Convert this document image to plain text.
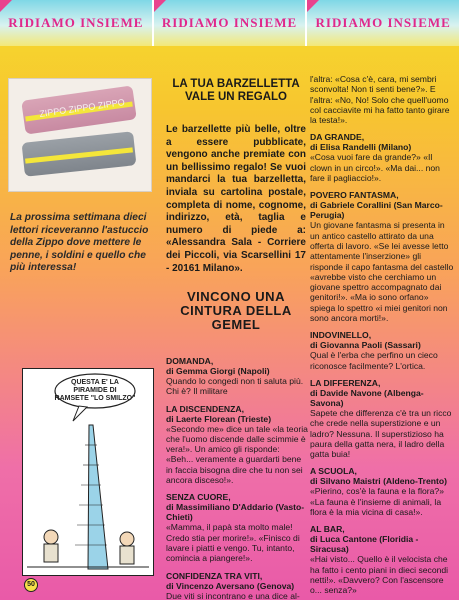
RIDIAMO INSIEME RIDIAMO INSIEME RIDIAMO INSIEME
ZIPPO ZIPPO ZIPPO
La prossima settimana dieci lettori riceveranno l'astuccio della Zippo dove mettere le penne, i soldini e quello che più interessa!
LA TUA BARZELLETTA VALE UN REGALO
Le barzellette più belle, oltre a essere pubblicate, vengono anche premiate con un bellissimo regalo! Se vuoi mandarci la tua barzelletta, inviala su cartolina postale, completa di nome, cognome, indirizzo, età, taglia e numero di piede a: «Alessandra Sala - Corriere dei Piccoli, via Scarsellini 17 - 20161 Milano».
VINCONO UNA CINTURA DELLA GEMEL
DOMANDA,
di Gemma Giorgi (Napoli)
Quando lo congedi non ti saluta più. Chi è? Il militare
LA DISCENDENZA,
di Laerte Florean (Trieste)
«Secondo me» dice un tale «la teoria che l'uomo discende dalle scimmie è vera!». Un amico gli risponde: «Beh... veramente a guardarti bene in faccia bisogna dire che tu non sei ancora disceso!».
SENZA CUORE,
di Massimiliano D'Addario (Vasto-Chieti)
«Mamma, il papà sta molto male! Credo stia per morire!». «Finisco di lavare i piatti e vengo. Tu, intanto, comincia a piangere!».
CONFIDENZA TRA VITI,
di Vincenzo Aversano (Genova)
Due viti si incontrano e una dice al-
l'altra: «Cosa c'è, cara, mi sembri sconvolta! Non ti senti bene?». E l'altra: «No, No! Solo che quell'uomo col cacciavite mi ha fatto tanto girare la testa!».
DA GRANDE,
di Elisa Randelli (Milano)
«Cosa vuoi fare da grande?» «Il clown in un circo!». «Ma dai... non fare il pagliaccio!».
POVERO FANTASMA,
di Gabriele Corallini (San Marco-Perugia)
Un giovane fantasma si presenta in un antico castello attirato da una offerta di lavoro. «Se lei avesse letto attentamente l'inserzione» gli risponde il capo fantasma del castello «avrebbe visto che cerchiamo un giovane spettro accompagnato dai genitori!». «Ma io sono orfano» spiega lo spettro «i miei genitori non sono ancora morti!».
INDOVINELLO,
di Giovanna Paoli (Sassari)
Qual è l'erba che perfino un cieco riconosce facilmente? L'ortica.
LA DIFFERENZA,
di Davide Navone (Albenga-Savona)
Sapete che differenza c'è tra un ricco che crede nella superstizione e un ladro? Nessuna. Il superstizioso ha paura della gatta nera, il ladro della gatta buia!
A SCUOLA,
di Silvano Maistri (Aldeno-Trento)
«Pierino, cos'è la fauna e la flora?» «La fauna è l'insieme di animali, la flora è la mia vicina di casa!».
AL BAR,
di Luca Cantone (Floridia - Siracusa)
«Hai visto... Quello è il velocista che ha fatto i cento piani in dieci secondi netti!». «Davvero? Con l'ascensore o... senza?»
QUESTA E' LA
PIRAMIDE DI
RAMSETE "LO SMILZO"
50
